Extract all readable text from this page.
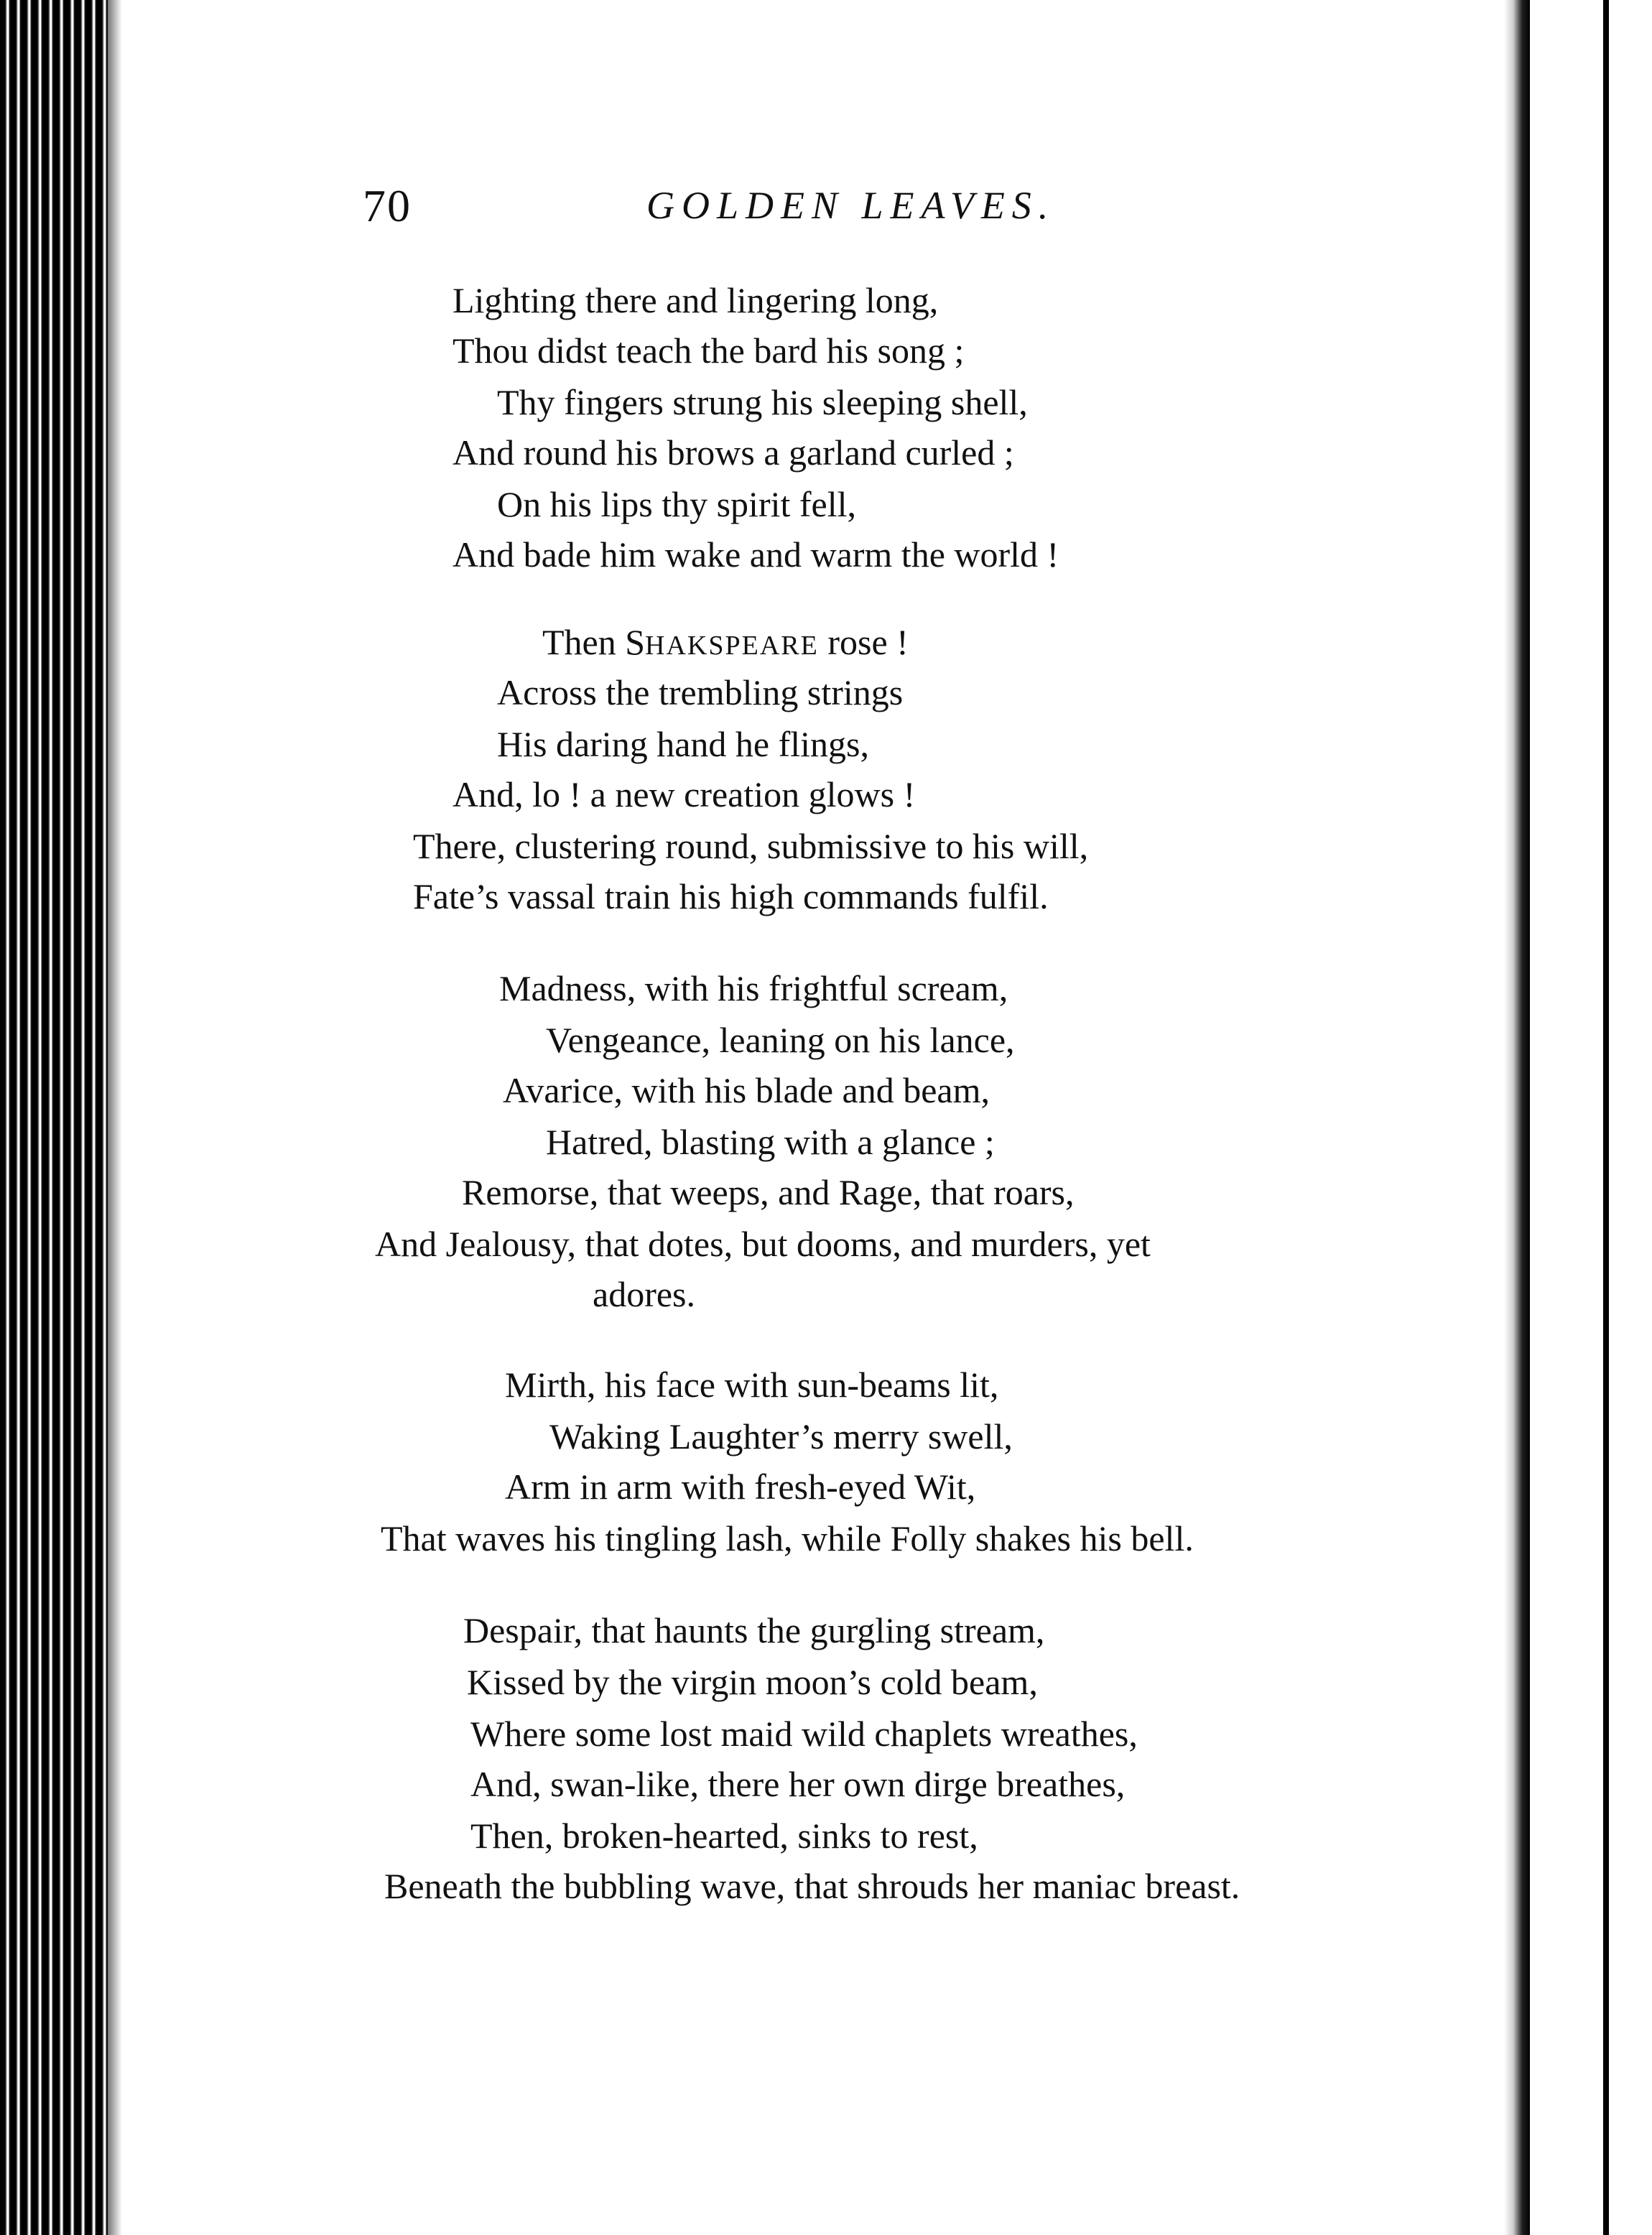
70	GOLDEN LEAVES.
Lighting there and lingering long,
Thou didst teach the bard his song ;
Thy fingers strung his sleeping shell,
And round his brows a garland curled ;
On his lips thy spirit fell,
And bade him wake and warm the world !
Then SHAKSPEARE rose !
Across the trembling strings
His daring hand he flings,
And, lo ! a new creation glows !
There, clustering round, submissive to his will,
Fate’s vassal train his high commands fulfil.
Madness, with his frightful scream,
Vengeance, leaning on his lance,
Avarice, with his blade and beam,
Hatred, blasting with a glance ;
Remorse, that weeps, and Rage, that roars,
And Jealousy, that dotes, but dooms, and murders, yet
adores.
Mirth, his face with sun-beams lit,
Waking Laughter’s merry swell,
Arm in arm with fresh-eyed Wit,
That waves his tingling lash, while Folly shakes his bell.
Despair, that haunts the gurgling stream,
Kissed by the virgin moon’s cold beam,
Where some lost maid wild chaplets wreathes,
And, swan-like, there her own dirge breathes,
Then, broken-hearted, sinks to rest,
Beneath the bubbling wave, that shrouds her maniac breast.
